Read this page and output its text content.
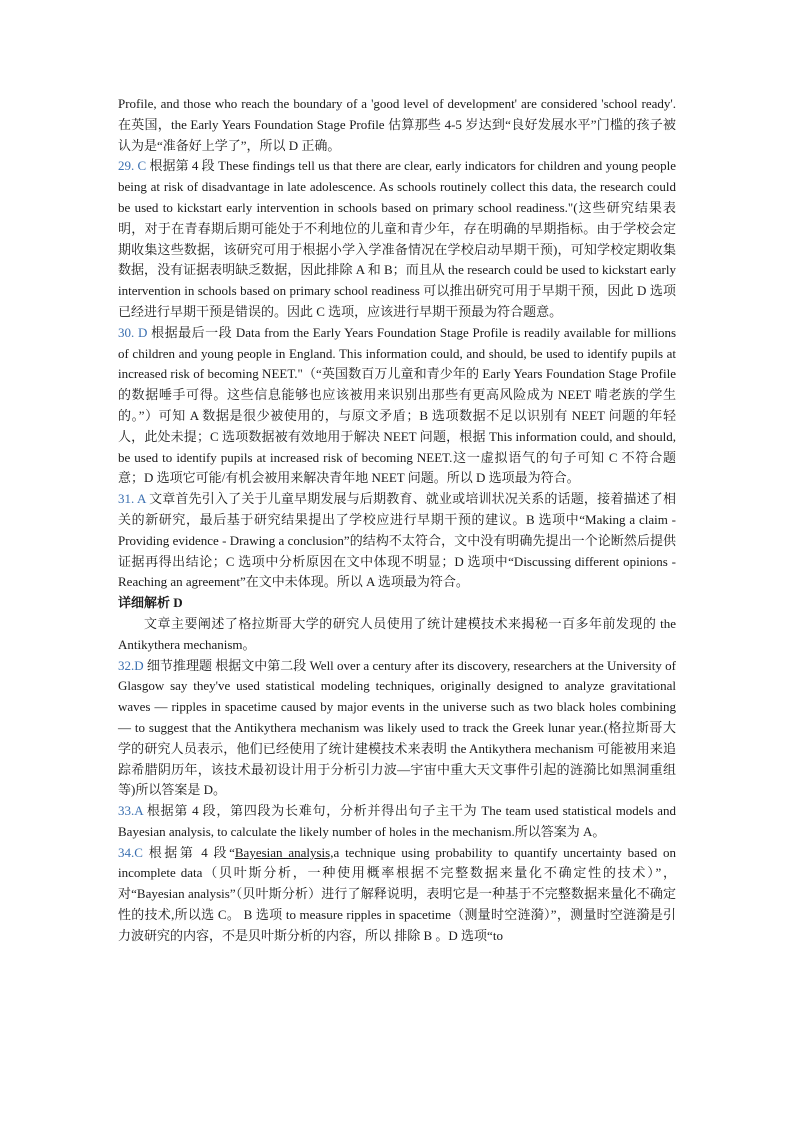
Profile, and those who reach the boundary of a 'good level of development' are considered 'school ready'.在英国，the Early Years Foundation Stage Profile 估算那些 4-5 岁达到“良好发展水平”门槛的孩子被认为是“准备好上学了”，所以 D 正确。

29. C 根据第 4 段 These findings tell us that there are clear, early indicators for children and young people being at risk of disadvantage in late adolescence. As schools routinely collect this data, the research could be used to kickstart early intervention in schools based on primary school readiness."(这些研究结果表明，对于在青春期后期可能处于不利地位的儿童和青少年，存在明确的早期指标。由于学校会定期收集这些数据，该研究可用于根据小学入学准备情况在学校启动早期干预)，可知学校定期收集数据，没有证据表明缺乏数据，因此排除 A 和 B；而且从 the research could be used to kickstart early intervention in schools based on primary school readiness 可以推出研究可用于早期干预，因此 D 选项已经进行早期干预是错误的。因此 C 选项，应该进行早期干预最为符合题意。

30. D 根据最后一段 Data from the Early Years Foundation Stage Profile is readily available for millions of children and young people in England. This information could, and should, be used to identify pupils at increased risk of becoming NEET."（“英国数百万儿童和青少年的 Early Years Foundation Stage Profile 的数据唾手可得。这些信息能够也应该被用来识别出那些有更高风险成为 NEET 啃老族的学生的。”）可知 A 数据是很少被使用的，与原文矛盾；B 选项数据不足以识别有 NEET 问题的年轻人，此处未提；C 选项数据被有效地用于解决 NEET 问题，根据 This information could, and should, be used to identify pupils at increased risk of becoming NEET.这一虚拟语气的句子可知 C 不符合题意；D 选项它可能/有机会被用来解决青年地 NEET 问题。所以 D 选项最为符合。

31. A 文章首先引入了关于儿童早期发展与后期教育、就业或培训状况关系的话题，接着描述了相关的新研究，最后基于研究结果提出了学校应进行早期干预的建议。B 选项中“Making a claim - Providing evidence - Drawing a conclusion”的结构不太符合，文中没有明确先提出一个论断然后提供证据再得出结论；C 选项中分析原因在文中体现不明显；D 选项中“Discussing different opinions - Reaching an agreement”在文中未体现。所以 A 选项最为符合。

详细解析 D

文章主要阐述了格拉斯哥大学的研究人员使用了统计建模技术来揭秘一百多年前发现的 the Antikythera mechanism。

32.D 细节推理题 根据文中第二段 Well over a century after its discovery, researchers at the University of Glasgow say they've used statistical modeling techniques, originally designed to analyze gravitational waves — ripples in spacetime caused by major events in the universe such as two black holes combining — to suggest that the Antikythera mechanism was likely used to track the Greek lunar year.(格拉斯哥大学的研究人员表示，他们已经使用了统计建模技术来表明 the Antikythera mechanism 可能被用来追踪希腊阴历年，该技术最初设计用于分析引力波—宇宙中重大天文事件引起的涟漪比如黑洞重组等)所以答案是 D。

33.A 根据第 4 段，第四段为长难句，分析并得出句子主干为 The team used statistical models and Bayesian analysis, to calculate the likely number of holes in the mechanism.所以答案为 A。

34.C 根据第 4 段“Bayesian analysis,a technique using probability to quantify uncertainty based on incomplete data（贝叶斯分析，一种使用概率根据不完整数据来量化不确定性的技术）”，对“Bayesian analysis”（贝叶斯分析）进行了解释说明，表明它是一种基于不完整数据来量化不确定性的技术,所以选 C。 B 选项 to measure ripples in spacetime（测量时空涟漪）”，测量时空涟漪是引力波研究的内容，不是贝叶斯分析的内容，所以 排除 B 。D 选项“to
